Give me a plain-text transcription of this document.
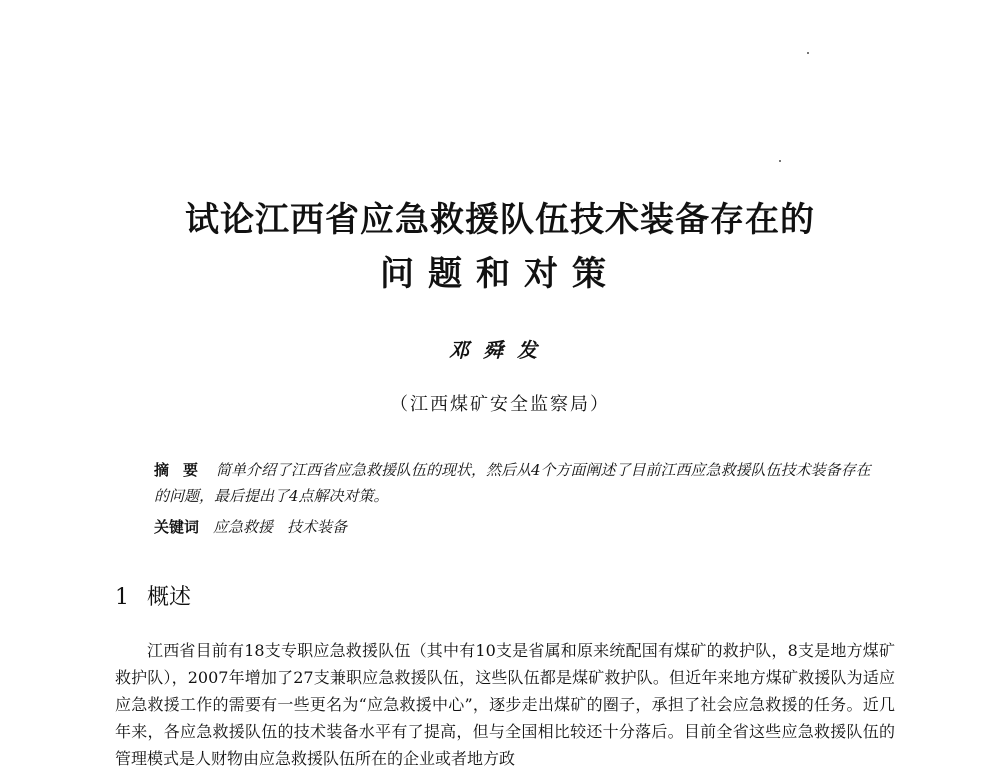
试论江西省应急救援队伍技术装备存在的
问题和对策
邓舜发
（江西煤矿安全监察局）
摘要 简单介绍了江西省应急救援队伍的现状，然后从4个方面阐述了目前江西应急救援队伍技术装备存在的问题，最后提出了4点解决对策。
关键词 应急救援 技术装备
1 概述

江西省目前有18支专职应急救援队伍（其中有10支是省属和原来统配国有煤矿的救护队，8支是地方煤矿救护队），2007年增加了27支兼职应急救援队伍，这些队伍都是煤矿救护队。但近年来地方煤矿救援队为适应应急救援工作的需要有一些更名为“应急救援中心”，逐步走出煤矿的圈子，承担了社会应急救援的任务。近几年来，各应急救援队伍的技术装备水平有了提高，但与全国相比较还十分落后。目前全省这些应急救援队伍的管理模式是人财物由应急救援队伍所在的企业或者地方政
